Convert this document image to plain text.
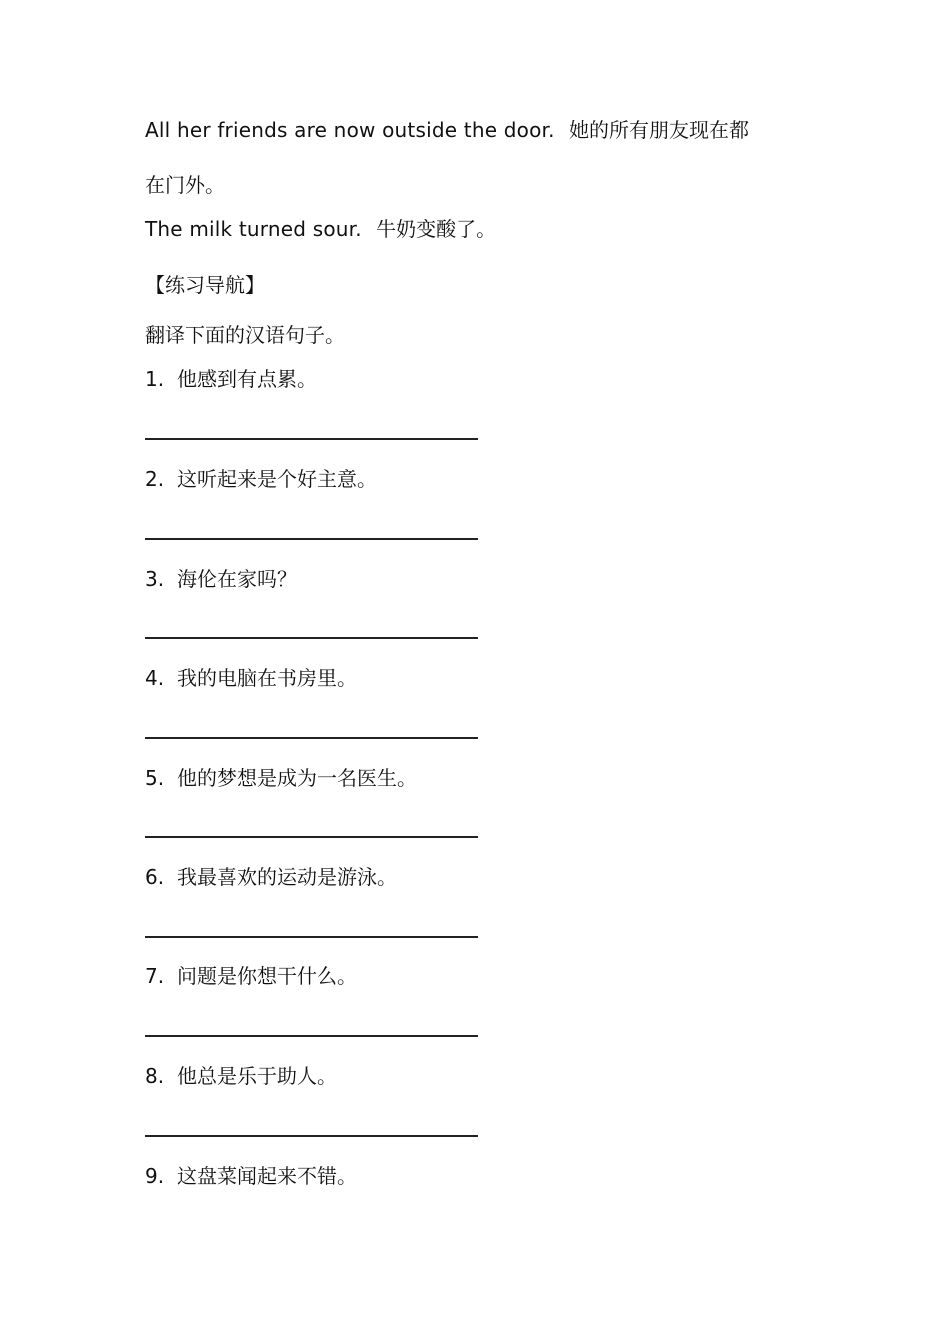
All her friends are now outside the door. 她的所有朋友现在都
在门外。
The milk turned sour. 牛奶变酸了。
【练习导航】
翻译下面的汉语句子。
1. 他感到有点累。
2. 这听起来是个好主意。
3. 海伦在家吗？
4. 我的电脑在书房里。
5. 他的梦想是成为一名医生。
6. 我最喜欢的运动是游泳。
7. 问题是你想干什么。
8. 他总是乐于助人。
9. 这盘菜闻起来不错。
